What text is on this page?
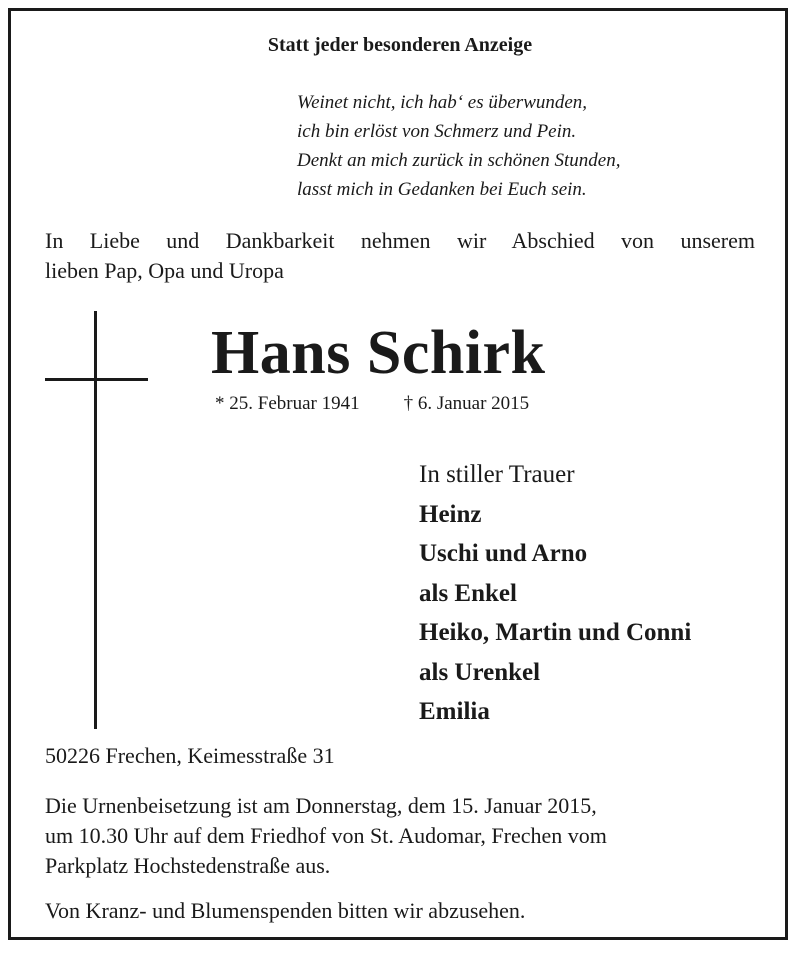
Statt jeder besonderen Anzeige
Weinet nicht, ich hab‘ es überwunden,
ich bin erlöst von Schmerz und Pein.
Denkt an mich zurück in schönen Stunden,
lasst mich in Gedanken bei Euch sein.
In Liebe und Dankbarkeit nehmen wir Abschied von unserem
lieben Pap, Opa und Uropa
Hans Schirk
* 25. Februar 1941 † 6. Januar 2015
In stiller Trauer
Heinz
Uschi und Arno
als Enkel
Heiko, Martin und Conni
als Urenkel
Emilia
50226 Frechen, Keimesstraße 31
Die Urnenbeisetzung ist am Donnerstag, dem 15. Januar 2015,
um 10.30 Uhr auf dem Friedhof von St. Audomar, Frechen vom
Parkplatz Hochstedenstraße aus.
Von Kranz- und Blumenspenden bitten wir abzusehen.
